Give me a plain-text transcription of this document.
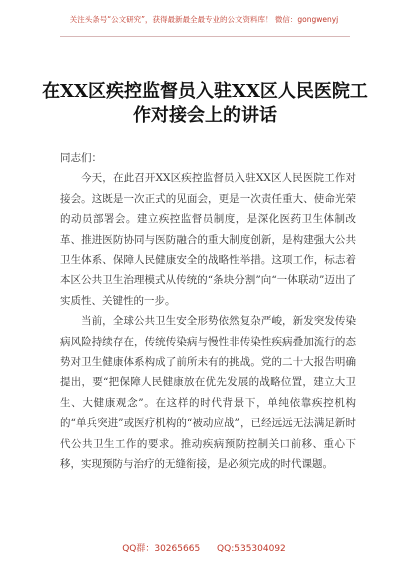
关注头条号“公文研究”，获得最新最全最专业的公文资料库！ 微信：gongwenyj
在XX区疾控监督员入驻XX区人民医院工作对接会上的讲话

同志们：

今天，在此召开XX区疾控监督员入驻XX区人民医院工作对接会。这既是一次正式的见面会，更是一次责任重大、使命光荣的动员部署会。建立疾控监督员制度，是深化医药卫生体制改革、推进医防协同与医防融合的重大制度创新，是构建强大公共卫生体系、保障人民健康安全的战略性举措。这项工作，标志着本区公共卫生治理模式从传统的“条块分割”向“一体联动”迈出了实质性、关键性的一步。

当前，全球公共卫生安全形势依然复杂严峻，新发突发传染病风险持续存在，传统传染病与慢性非传染性疾病叠加流行的态势对卫生健康体系构成了前所未有的挑战。党的二十大报告明确提出，要“把保障人民健康放在优先发展的战略位置，建立大卫生、大健康观念”。在这样的时代背景下，单纯依靠疾控机构的“单兵突进”或医疗机构的“被动应战”，已经远远无法满足新时代公共卫生工作的要求。推动疾病预防控制关口前移、重心下移，实现预防与治疗的无缝衔接，是必须完成的时代课题。

QQ群：30265665 QQ:535304092
